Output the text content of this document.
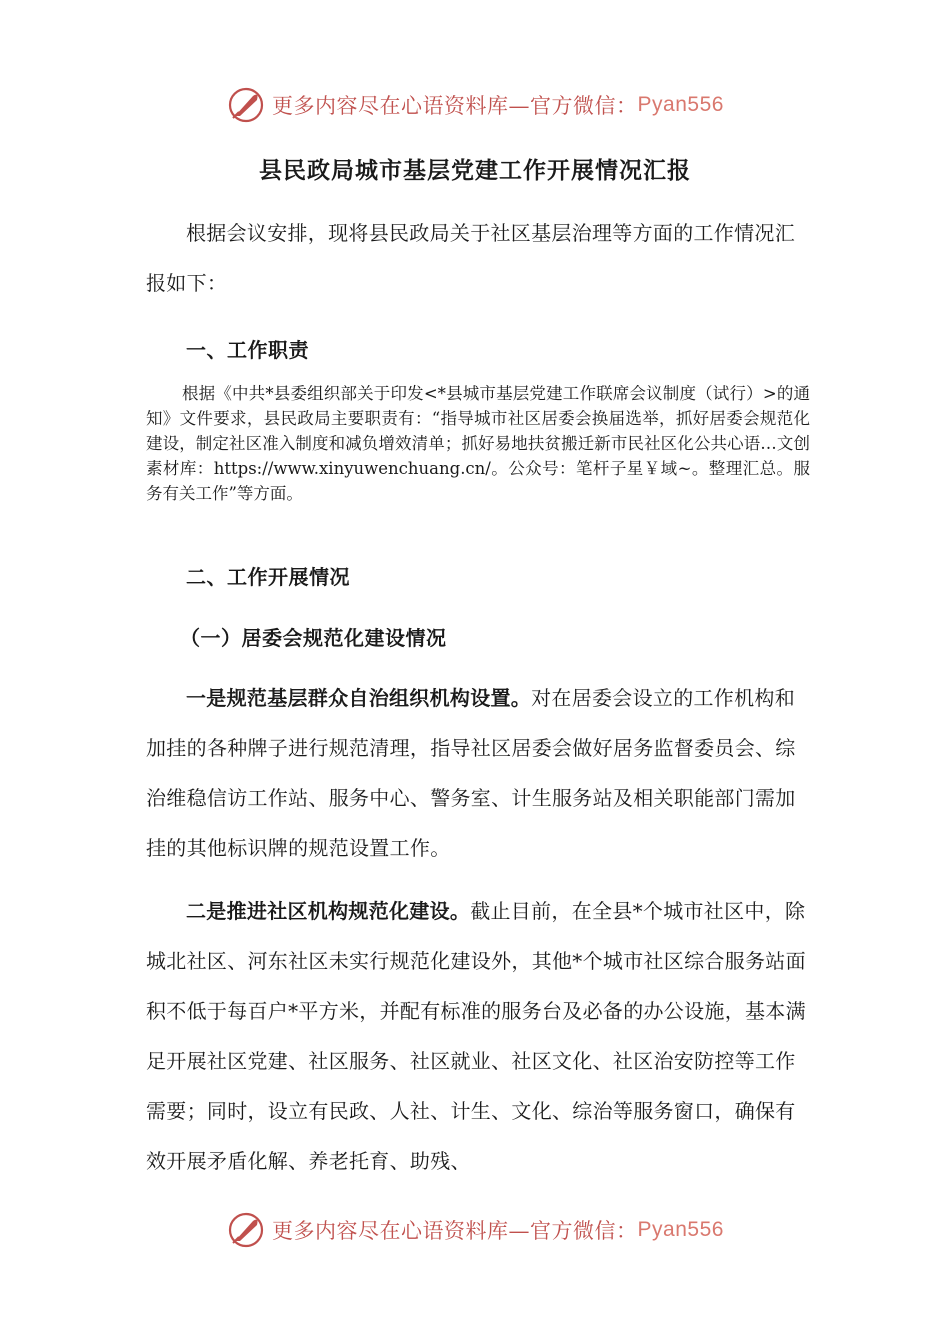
更多内容尽在心语资料库—官方微信： Pyan556
县民政局城市基层党建工作开展情况汇报

根据会议安排，现将县民政局关于社区基层治理等方面的工作情况汇报如下：

一、工作职责

根据《中共*县委组织部关于印发<*县城市基层党建工作联席会议制度（试行）>的通知》文件要求，县民政局主要职责有：“指导城市社区居委会换届选举，抓好居委会规范化建设，制定社区准入制度和减负增效清单；抓好易地扶贫搬迁新市民社区化公共心语…文创素材库：https://www.xinyuwenchuang.cn/。公众号：笔杆子星￥域~。整理汇总。服务有关工作”等方面。

二、工作开展情况
（一）居委会规范化建设情况

一是规范基层群众自治组织机构设置。对在居委会设立的工作机构和加挂的各种牌子进行规范清理，指导社区居委会做好居务监督委员会、综治维稳信访工作站、服务中心、警务室、计生服务站及相关职能部门需加挂的其他标识牌的规范设置工作。

二是推进社区机构规范化建设。截止目前，在全县*个城市社区中，除城北社区、河东社区未实行规范化建设外，其他*个城市社区综合服务站面积不低于每百户*平方米，并配有标准的服务台及必备的办公设施，基本满足开展社区党建、社区服务、社区就业、社区文化、社区治安防控等工作需要；同时，设立有民政、人社、计生、文化、综治等服务窗口，确保有效开展矛盾化解、养老托育、助残、

更多内容尽在心语资料库—官方微信： Pyan556
